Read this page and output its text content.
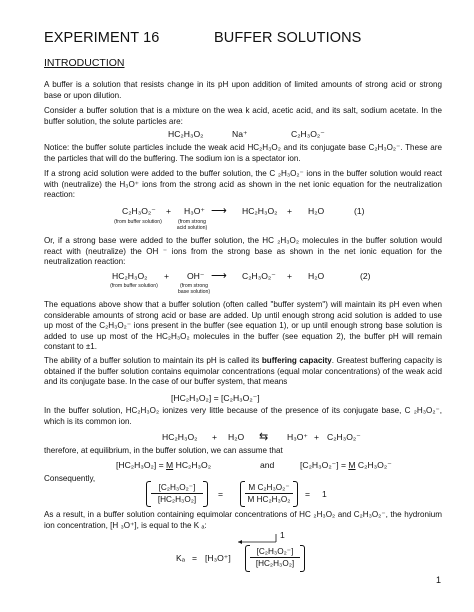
EXPERIMENT 16	BUFFER SOLUTIONS
INTRODUCTION
A buffer is a solution that resists change in its pH upon addition of limited amounts of strong acid or strong base or upon dilution.
Consider a buffer solution that is a mixture on the wea k acid, acetic acid, and its salt, sodium acetate. In the buffer solution, the solute particles are:
HC₂H₃O₂	Na⁺	C₂H₃O₂⁻
Notice: the buffer solute particles include the weak acid HC₂H₃O₂ and its conjugate base C₂H₃O₂⁻. These are the particles that will do the buffering. The sodium ion is a spectator ion.
If a strong acid solution were added to the buffer solution, the C ₂H₃O₂⁻ ions in the buffer solution would react with (neutralize) the H₃O⁺ ions from the strong acid as shown in the net ionic equation for the neutralization reaction:
C₂H₃O₂⁻ + H₃O⁺ ⟶ HC₂H₃O₂ + H₂O	(1)
(from buffer solution)	(from strong
acid solution)
Or, if a strong base were added to the buffer solution, the HC ₂H₃O₂ molecules in the buffer solution would react with (neutralize) the OH ⁻ ions from the strong base as shown in the net ionic equation for the neutralization reaction:
HC₂H₃O₂ + OH⁻ ⟶ C₂H₃O₂⁻ + H₂O	(2)
(from buffer solution)	(from strong
base solution)
The equations above show that a buffer solution (often called "buffer system") will maintain its pH even when considerable amounts of strong acid or base are added. Up until enough strong acid solution is added to use up most of the C₂H₃O₂⁻ ions present in the buffer (see equation 1), or up until enough strong base solution is added to use up most of the HC₂H₃O₂ molecules in the buffer (see equation 2), the buffer pH will remain constant to ±1.
The ability of a buffer solution to maintain its pH is called its buffering capacity. Greatest buffering capacity is obtained if the buffer solution contains equimolar concentrations (equal molar concentrations) of the weak acid and its conjugate base. In the case of our buffer system, that means
[HC₂H₃O₂] = [C₂H₃O₂⁻]
In the buffer solution, HC₂H₃O₂ ionizes very little because of the presence of its conjugate base, C ₂H₃O₂⁻, which is its common ion.
HC₂H₃O₂ + H₂O ⇆ H₃O⁺ + C₂H₃O₂⁻
therefore, at equilibrium, in the buffer solution, we can assume that
[HC₂H₃O₂] = M HC₂H₃O₂	and	[C₂H₃O₂⁻] = M C₂H₃O₂⁻
Consequently,
$\frac{\text{[C₂H₃O₂⁻]}}{\text{[HC₂H₃O₂]}}$ =	$\frac{\text{M C₂H₃O₂⁻}}{\text{M HC₂H₃O₂}} = 1$
As a result, in a buffer solution containing equimolar concentrations of HC ₂H₃O₂ and C₂H₃O₂⁻, the hydronium ion concentration, [H ₃O⁺], is equal to the K ₐ:
1
$K_a = [H_3O^+] \frac{\text{[C₂H₃O₂⁻]}}{\text{[HC₂H₃O₂]}}$
1
